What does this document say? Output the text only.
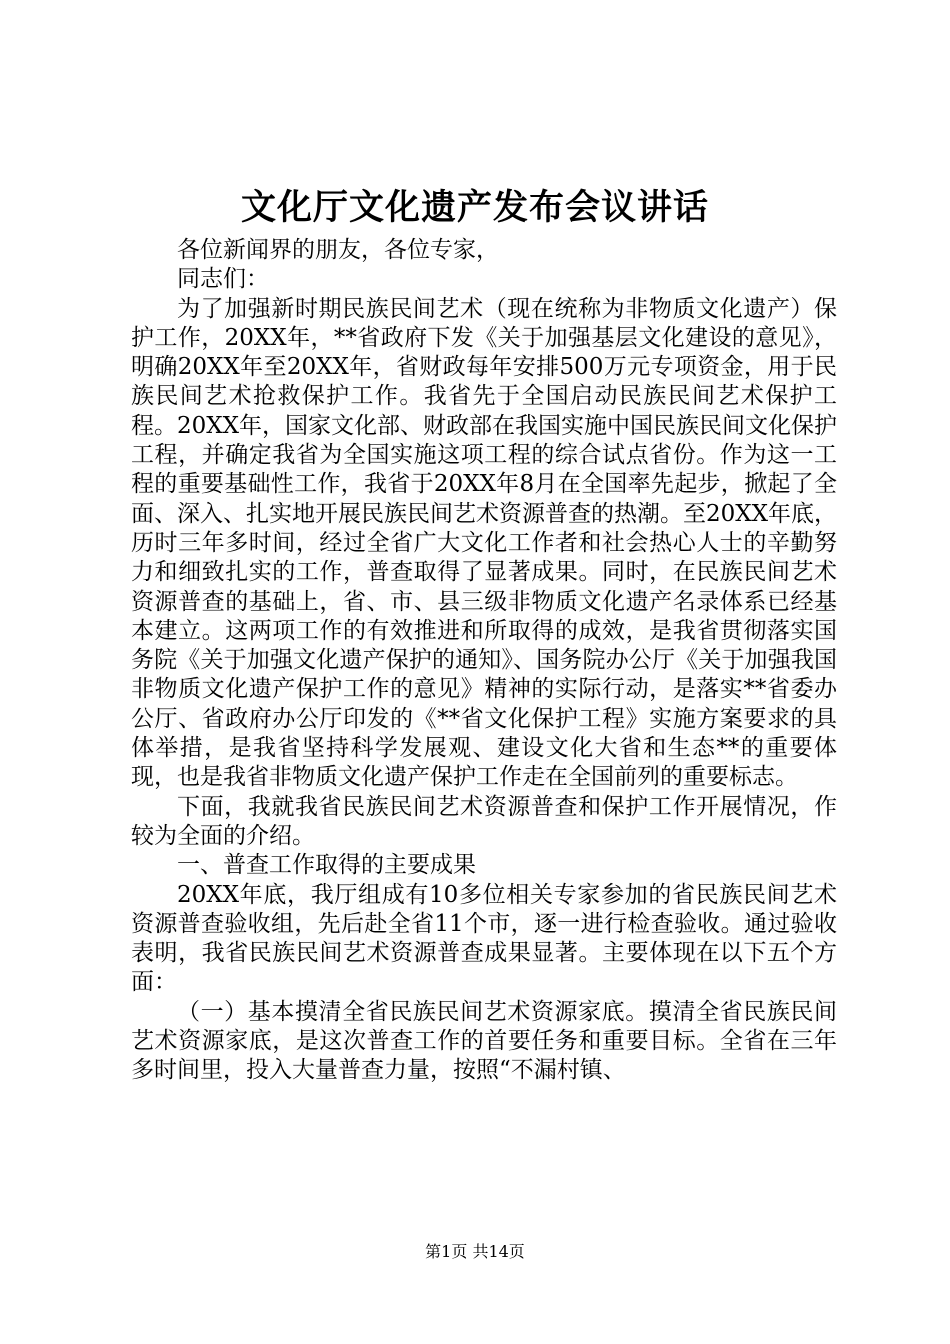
文化厅文化遗产发布会议讲话

各位新闻界的朋友，各位专家，

同志们：

为了加强新时期民族民间艺术（现在统称为非物质文化遗产）保护工作，20XX年，**省政府下发《关于加强基层文化建设的意见》，明确20XX年至20XX年，省财政每年安排500万元专项资金，用于民族民间艺术抢救保护工作。我省先于全国启动民族民间艺术保护工程。20XX年，国家文化部、财政部在我国实施中国民族民间文化保护工程，并确定我省为全国实施这项工程的综合试点省份。作为这一工程的重要基础性工作，我省于20XX年8月在全国率先起步，掀起了全面、深入、扎实地开展民族民间艺术资源普查的热潮。至20XX年底，历时三年多时间，经过全省广大文化工作者和社会热心人士的辛勤努力和细致扎实的工作，普查取得了显著成果。同时，在民族民间艺术资源普查的基础上，省、市、县三级非物质文化遗产名录体系已经基本建立。这两项工作的有效推进和所取得的成效，是我省贯彻落实国务院《关于加强文化遗产保护的通知》、国务院办公厅《关于加强我国非物质文化遗产保护工作的意见》精神的实际行动，是落实**省委办公厅、省政府办公厅印发的《**省文化保护工程》实施方案要求的具体举措，是我省坚持科学发展观、建设文化大省和生态**的重要体现，也是我省非物质文化遗产保护工作走在全国前列的重要标志。

下面，我就我省民族民间艺术资源普查和保护工作开展情况，作较为全面的介绍。

一、普查工作取得的主要成果

20XX年底，我厅组成有10多位相关专家参加的省民族民间艺术资源普查验收组，先后赴全省11个市，逐一进行检查验收。通过验收表明，我省民族民间艺术资源普查成果显著。主要体现在以下五个方面：

（一）基本摸清全省民族民间艺术资源家底。摸清全省民族民间艺术资源家底，是这次普查工作的首要任务和重要目标。全省在三年多时间里，投入大量普查力量，按照“不漏村镇、

第1页 共14页
